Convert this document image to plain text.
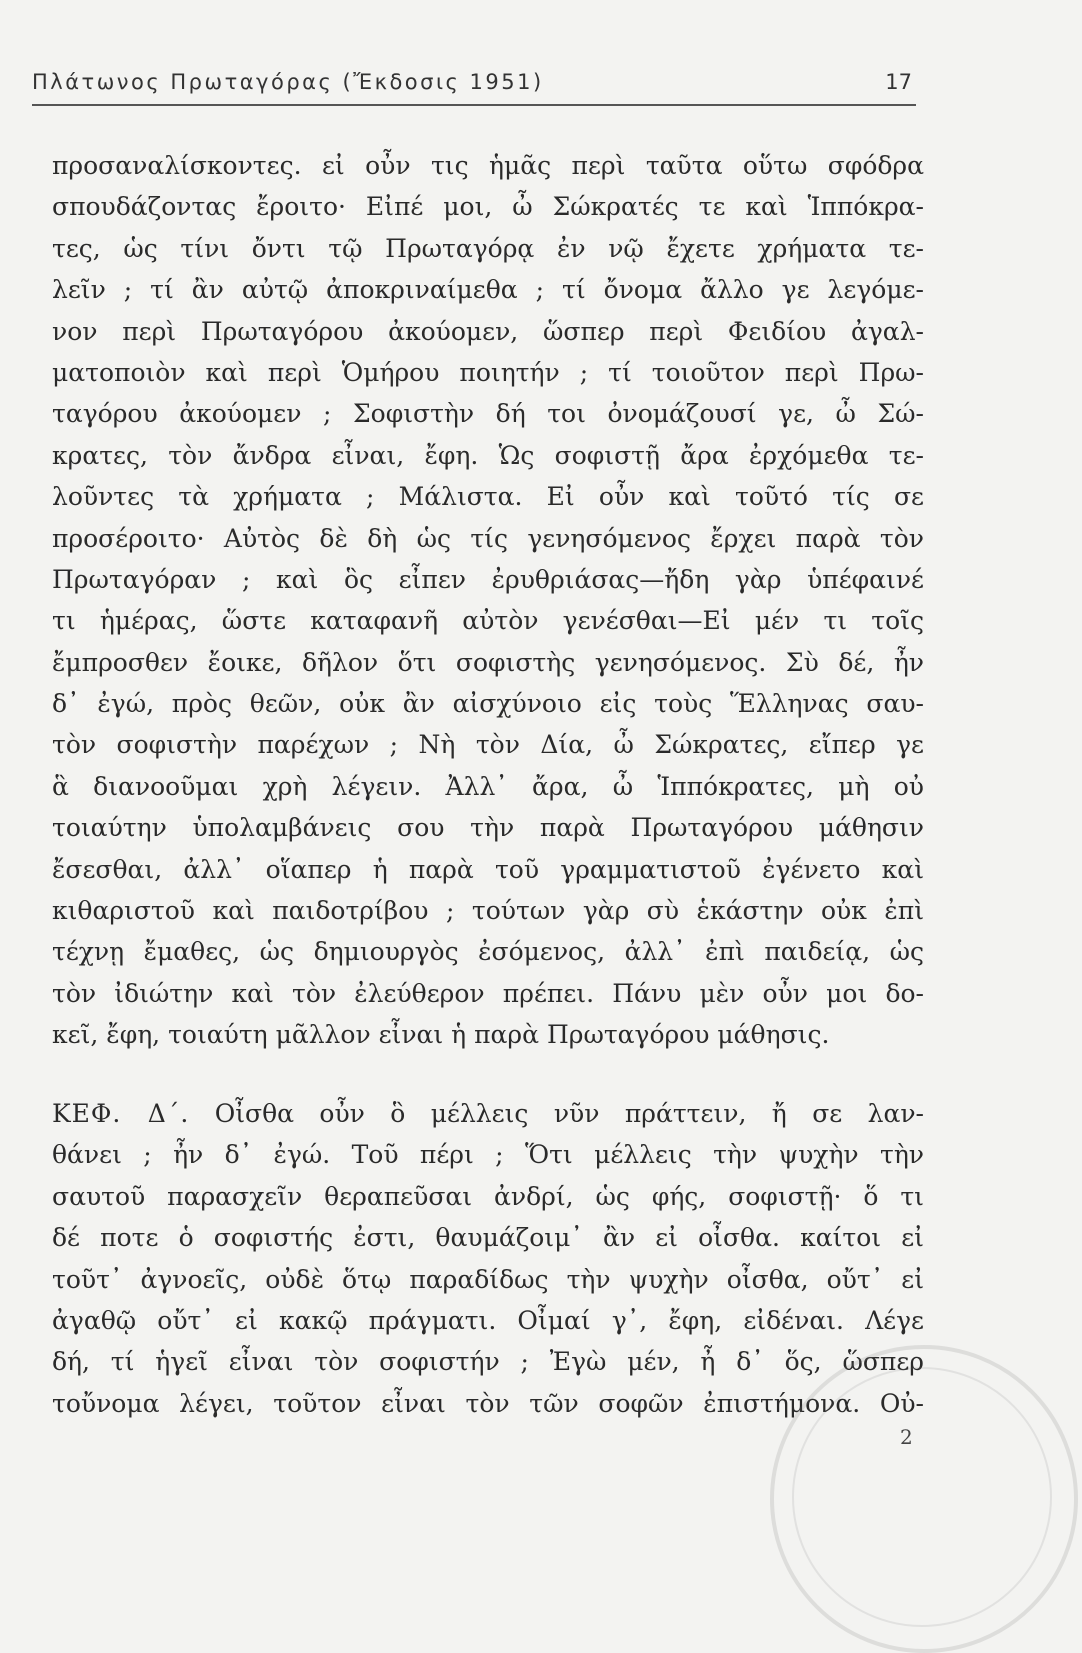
Πλάτωνος Πρωταγόρας (Ἔκδοσις 1951)	17
προσαναλίσκοντες. εἰ οὖν τις ἡμᾶς περὶ ταῦτα οὕτω σφόδρα
σπουδάζοντας ἔροιτο· Εἰπέ μοι, ὦ Σώκρατές τε καὶ Ἱππόκρα-
τες, ὡς τίνι ὄντι τῷ Πρωταγόρᾳ ἐν νῷ ἔχετε χρήματα τε-
λεῖν ; τί ἂν αὐτῷ ἀποκριναίμεθα ; τί ὄνομα ἄλλο γε λεγόμε-
νον περὶ Πρωταγόρου ἀκούομεν, ὥσπερ περὶ Φειδίου ἀγαλ-
ματοποιὸν καὶ περὶ Ὁμήρου ποιητήν ; τί τοιοῦτον περὶ Πρω-
ταγόρου ἀκούομεν ; Σοφιστὴν δή τοι ὀνομάζουσί γε, ὦ Σώ-
κρατες, τὸν ἄνδρα εἶναι, ἔφη. Ὡς σοφιστῇ ἄρα ἐρχόμεθα τε-
λοῦντες τὰ χρήματα ; Μάλιστα. Εἰ οὖν καὶ τοῦτό τίς σε
προσέροιτο· Αὐτὸς δὲ δὴ ὡς τίς γενησόμενος ἔρχει παρὰ τὸν
Πρωταγόραν ; καὶ ὃς εἶπεν ἐρυθριάσας—ἤδη γὰρ ὑπέφαινέ
τι ἡμέρας, ὥστε καταφανῆ αὐτὸν γενέσθαι—Εἰ μέν τι τοῖς
ἔμπροσθεν ἔοικε, δῆλον ὅτι σοφιστὴς γενησόμενος. Σὺ δέ, ἦν
δ᾽ ἐγώ, πρὸς θεῶν, οὐκ ἂν αἰσχύνοιο εἰς τοὺς Ἕλληνας σαυ-
τὸν σοφιστὴν παρέχων ; Νὴ τὸν Δία, ὦ Σώκρατες, εἴπερ γε
ἃ διανοοῦμαι χρὴ λέγειν. Ἀλλ᾽ ἄρα, ὦ Ἱππόκρατες, μὴ οὐ
τοιαύτην ὑπολαμβάνεις σου τὴν παρὰ Πρωταγόρου μάθησιν
ἔσεσθαι, ἀλλ᾽ οἵαπερ ἡ παρὰ τοῦ γραμματιστοῦ ἐγένετο καὶ
κιθαριστοῦ καὶ παιδοτρίβου ; τούτων γὰρ σὺ ἑκάστην οὐκ ἐπὶ
τέχνῃ ἔμαθες, ὡς δημιουργὸς ἐσόμενος, ἀλλ᾽ ἐπὶ παιδείᾳ, ὡς
τὸν ἰδιώτην καὶ τὸν ἐλεύθερον πρέπει. Πάνυ μὲν οὖν μοι δο-
κεῖ, ἔφη, τοιαύτη μᾶλλον εἶναι ἡ παρὰ Πρωταγόρου μάθησις.
ΚΕΦ. Δ΄. Οἶσθα οὖν ὃ μέλλεις νῦν πράττειν, ἤ σε λαν-
θάνει ; ἦν δ᾽ ἐγώ. Τοῦ πέρι ; Ὅτι μέλλεις τὴν ψυχὴν τὴν
σαυτοῦ παρασχεῖν θεραπεῦσαι ἀνδρί, ὡς φής, σοφιστῇ· ὅ τι
δέ ποτε ὁ σοφιστής ἐστι, θαυμάζοιμ᾽ ἂν εἰ οἶσθα. καίτοι εἰ
τοῦτ᾽ ἀγνοεῖς, οὐδὲ ὅτῳ παραδίδως τὴν ψυχὴν οἶσθα, οὔτ᾽ εἰ
ἀγαθῷ οὔτ᾽ εἰ κακῷ πράγματι. Οἶμαί γ᾽, ἔφη, εἰδέναι. Λέγε
δή, τί ἡγεῖ εἶναι τὸν σοφιστήν ; Ἐγὼ μέν, ἦ δ᾽ ὅς, ὥσπερ
τοὔνομα λέγει, τοῦτον εἶναι τὸν τῶν σοφῶν ἐπιστήμονα. Οὐ-
2
